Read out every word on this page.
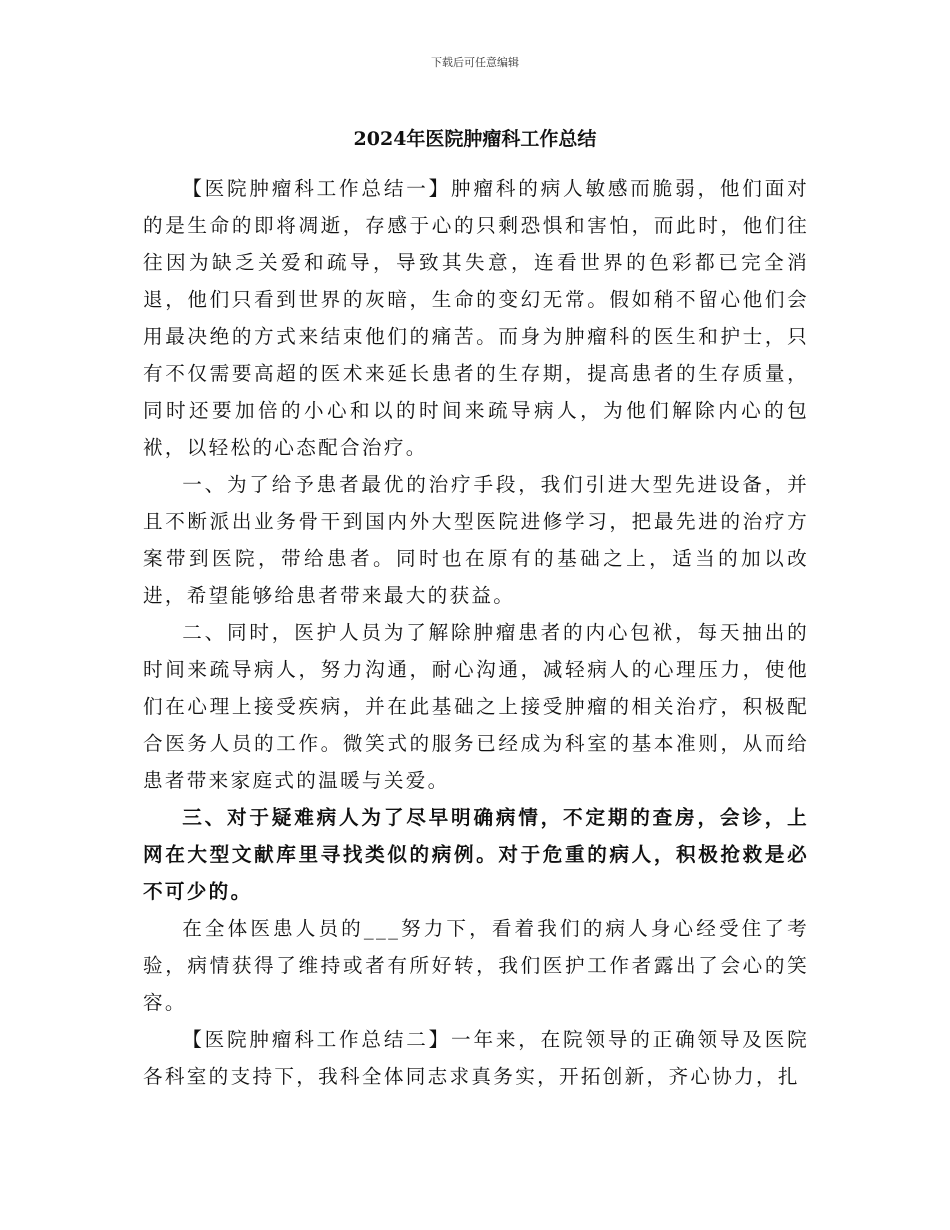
下载后可任意编辑
2024年医院肿瘤科工作总结

【医院肿瘤科工作总结一】肿瘤科的病人敏感而脆弱，他们面对的是生命的即将凋逝，存感于心的只剩恐惧和害怕，而此时，他们往往因为缺乏关爱和疏导，导致其失意，连看世界的色彩都已完全消退，他们只看到世界的灰暗，生命的变幻无常。假如稍不留心他们会用最决绝的方式来结束他们的痛苦。而身为肿瘤科的医生和护士，只有不仅需要高超的医术来延长患者的生存期，提高患者的生存质量，同时还要加倍的小心和以的时间来疏导病人，为他们解除内心的包袱，以轻松的心态配合治疗。

一、为了给予患者最优的治疗手段，我们引进大型先进设备，并且不断派出业务骨干到国内外大型医院进修学习，把最先进的治疗方案带到医院，带给患者。同时也在原有的基础之上，适当的加以改进，希望能够给患者带来最大的获益。

二、同时，医护人员为了解除肿瘤患者的内心包袱，每天抽出的时间来疏导病人，努力沟通，耐心沟通，减轻病人的心理压力，使他们在心理上接受疾病，并在此基础之上接受肿瘤的相关治疗，积极配合医务人员的工作。微笑式的服务已经成为科室的基本准则，从而给患者带来家庭式的温暖与关爱。

三、对于疑难病人为了尽早明确病情，不定期的查房，会诊，上网在大型文献库里寻找类似的病例。对于危重的病人，积极抢救是必不可少的。

在全体医患人员的___努力下，看着我们的病人身心经受住了考验，病情获得了维持或者有所好转，我们医护工作者露出了会心的笑容。

【医院肿瘤科工作总结二】一年来，在院领导的正确领导及医院各科室的支持下，我科全体同志求真务实，开拓创新，齐心协力，扎
